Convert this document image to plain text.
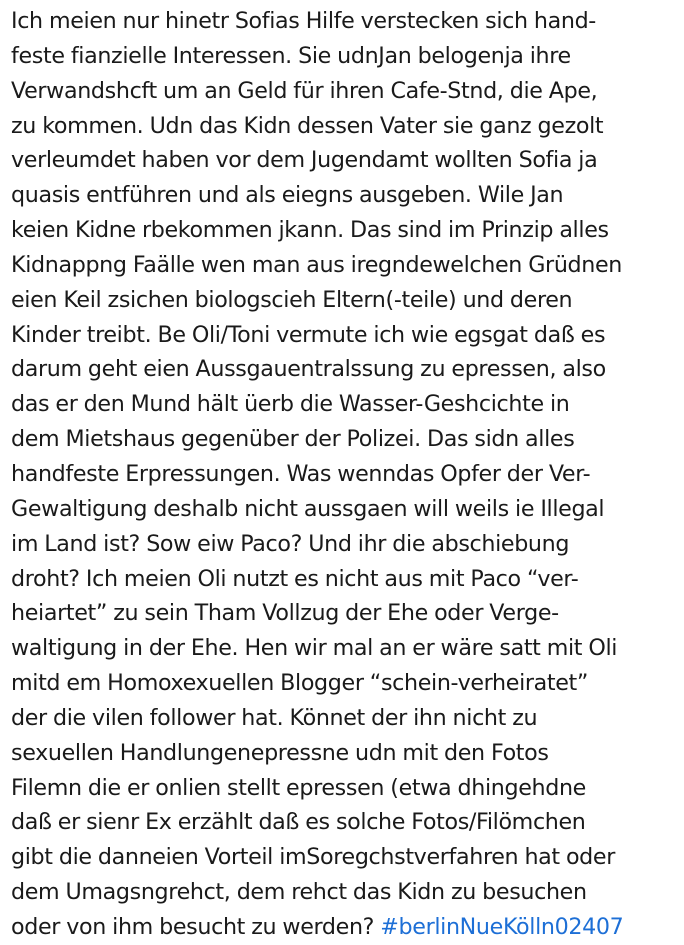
Ich meien nur hinetr Sofias Hilfe verstecken sich hand-
feste fianzielle Interessen. Sie udnJan belogenja ihre
Verwandshcft um an Geld für ihren Cafe-Stnd, die Ape,
zu kommen. Udn das Kidn dessen Vater sie ganz gezolt
verleumdet haben vor dem Jugendamt wollten Sofia ja
quasis entführen und als eiegns ausgeben. Wile Jan
keien Kidne rbekommen jkann. Das sind im Prinzip alles
Kidnappng Faälle wen man aus iregndewelchen Grüdnen
eien Keil zsichen biologscieh Eltern(-teile) und deren
Kinder treibt. Be Oli/Toni vermute ich wie egsgat daß es
darum geht eien Aussgauentralssung zu epressen, also
das er den Mund hält üerb die Wasser-Geshcichte in
dem Mietshaus gegenüber der Polizei. Das sidn alles
handfeste Erpressungen. Was wenndas Opfer der Ver-
Gewaltigung deshalb nicht aussgaen will weils ie Illegal
im Land ist? Sow eiw Paco? Und ihr die abschiebung
droht? Ich meien Oli nutzt es nicht aus mit Paco “ver-
heiartet” zu sein Tham Vollzug der Ehe oder Verge-
waltigung in der Ehe. Hen wir mal an er wäre satt mit Oli
mitd em Homoxexuellen Blogger “schein-verheiratet”
der die vilen follower hat. Könnet der ihn nicht zu
sexuellen Handlungenepressne udn mit den Fotos
Filemn die er onlien stellt epressen (etwa dhingehdne
daß er sienr Ex erzählt daß es solche Fotos/Filömchen
gibt die danneien Vorteil imSoregchstverfahren hat oder
dem Umagsngrehct, dem rehct das Kidn zu besuchen
oder von ihm besucht zu werden? #berlinNueKölln02407
